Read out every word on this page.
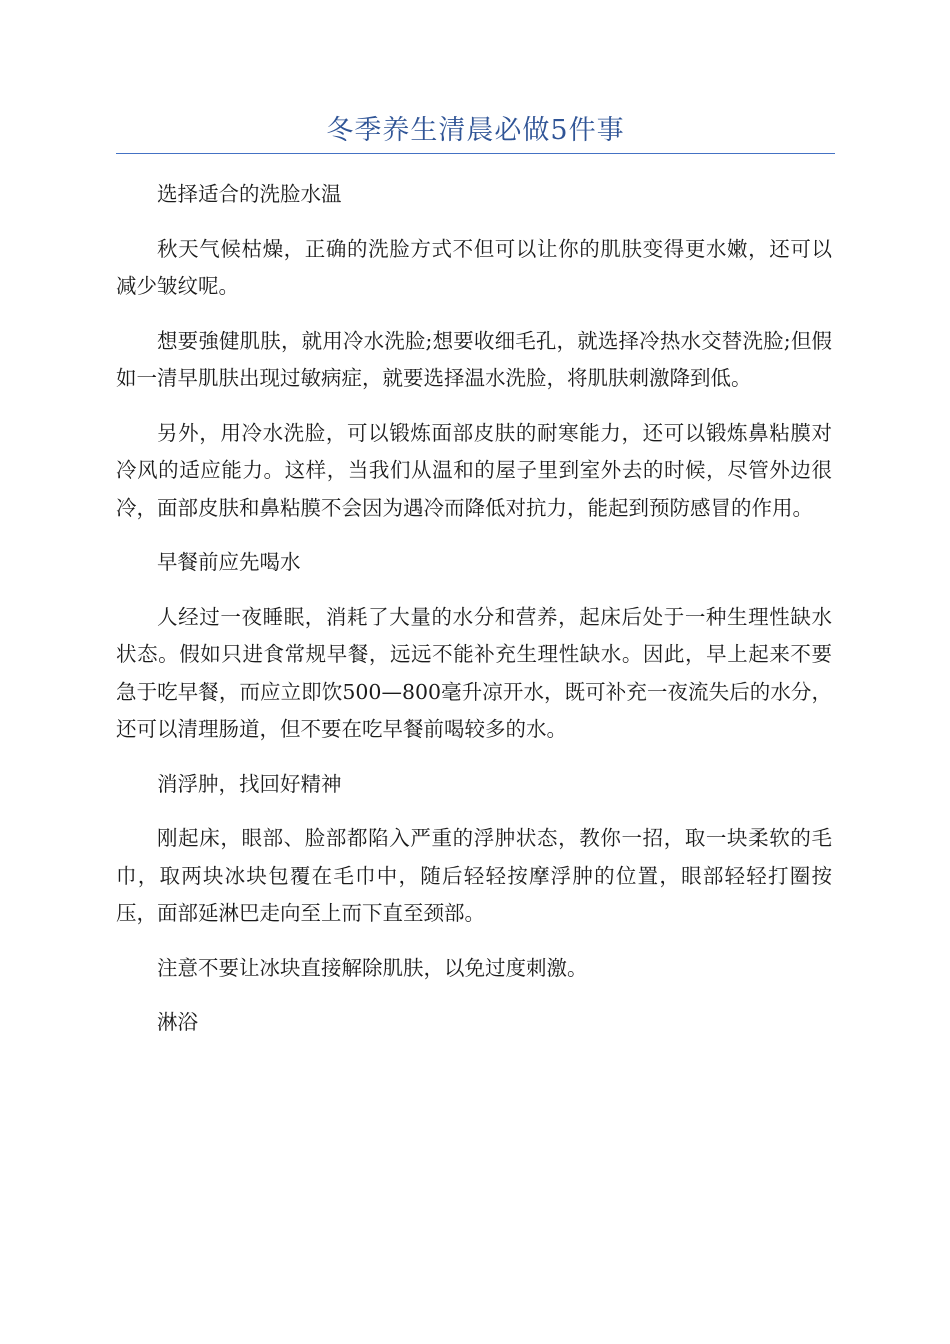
冬季养生清晨必做5件事

选择适合的洗脸水温

秋天气候枯燥，正确的洗脸方式不但可以让你的肌肤变得更水嫩，还可以减少皱纹呢。

想要強健肌肤，就用冷水洗脸;想要收细毛孔，就选择冷热水交替洗脸;但假如一清早肌肤出现过敏病症，就要选择温水洗脸，将肌肤刺激降到低。

另外，用冷水洗脸，可以锻炼面部皮肤的耐寒能力，还可以锻炼鼻粘膜对冷风的适应能力。这样，当我们从温和的屋子里到室外去的时候，尽管外边很冷，面部皮肤和鼻粘膜不会因为遇冷而降低对抗力，能起到预防感冒的作用。

早餐前应先喝水

人经过一夜睡眠，消耗了大量的水分和营养，起床后处于一种生理性缺水状态。假如只进食常规早餐，远远不能补充生理性缺水。因此，早上起来不要急于吃早餐，而应立即饮500—800毫升凉开水，既可补充一夜流失后的水分，还可以清理肠道，但不要在吃早餐前喝较多的水。

消浮肿，找回好精神

刚起床，眼部、脸部都陷入严重的浮肿状态，教你一招，取一块柔软的毛巾，取两块冰块包覆在毛巾中，随后轻轻按摩浮肿的位置，眼部轻轻打圈按压，面部延淋巴走向至上而下直至颈部。

注意不要让冰块直接解除肌肤，以免过度刺激。

淋浴
